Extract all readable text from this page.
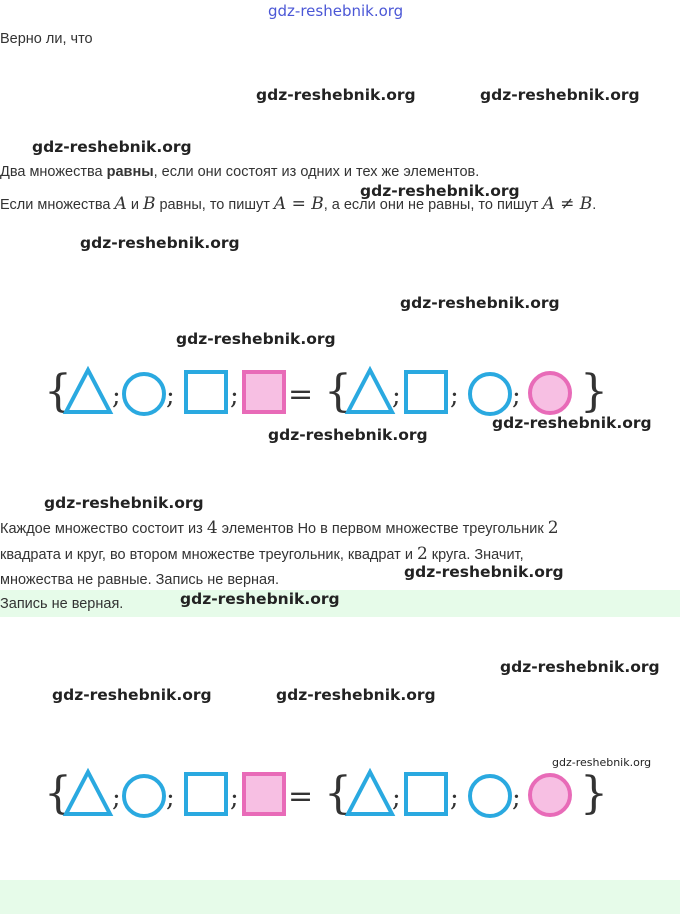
gdz-reshebnik.org
Верно ли, что
gdz-reshebnik.org	gdz-reshebnik.org
gdz-reshebnik.org
Два множества равны, если они состоят из одних и тех же элементов.
Если множества A и B равны, то пишут A = B, а если они не равны, то пишут A ≠ B.
gdz-reshebnik.org
gdz-reshebnik.org
gdz-reshebnik.org
gdz-reshebnik.org
{ ; ; ; = { ; ; ; }
gdz-reshebnik.org
gdz-reshebnik.org
gdz-reshebnik.org
Каждое множество состоит из 4 элементов Но в первом множестве треугольник 2
квадрата и круг, во втором множестве треугольник, квадрат и 2 круга. Значит,
множества не равные. Запись не верная.	gdz-reshebnik.org
Запись не верная.	gdz-reshebnik.org
gdz-reshebnik.org
gdz-reshebnik.org	gdz-reshebnik.org
gdz-reshebnik.org
{ ; ; ; = { ; ; ; }
